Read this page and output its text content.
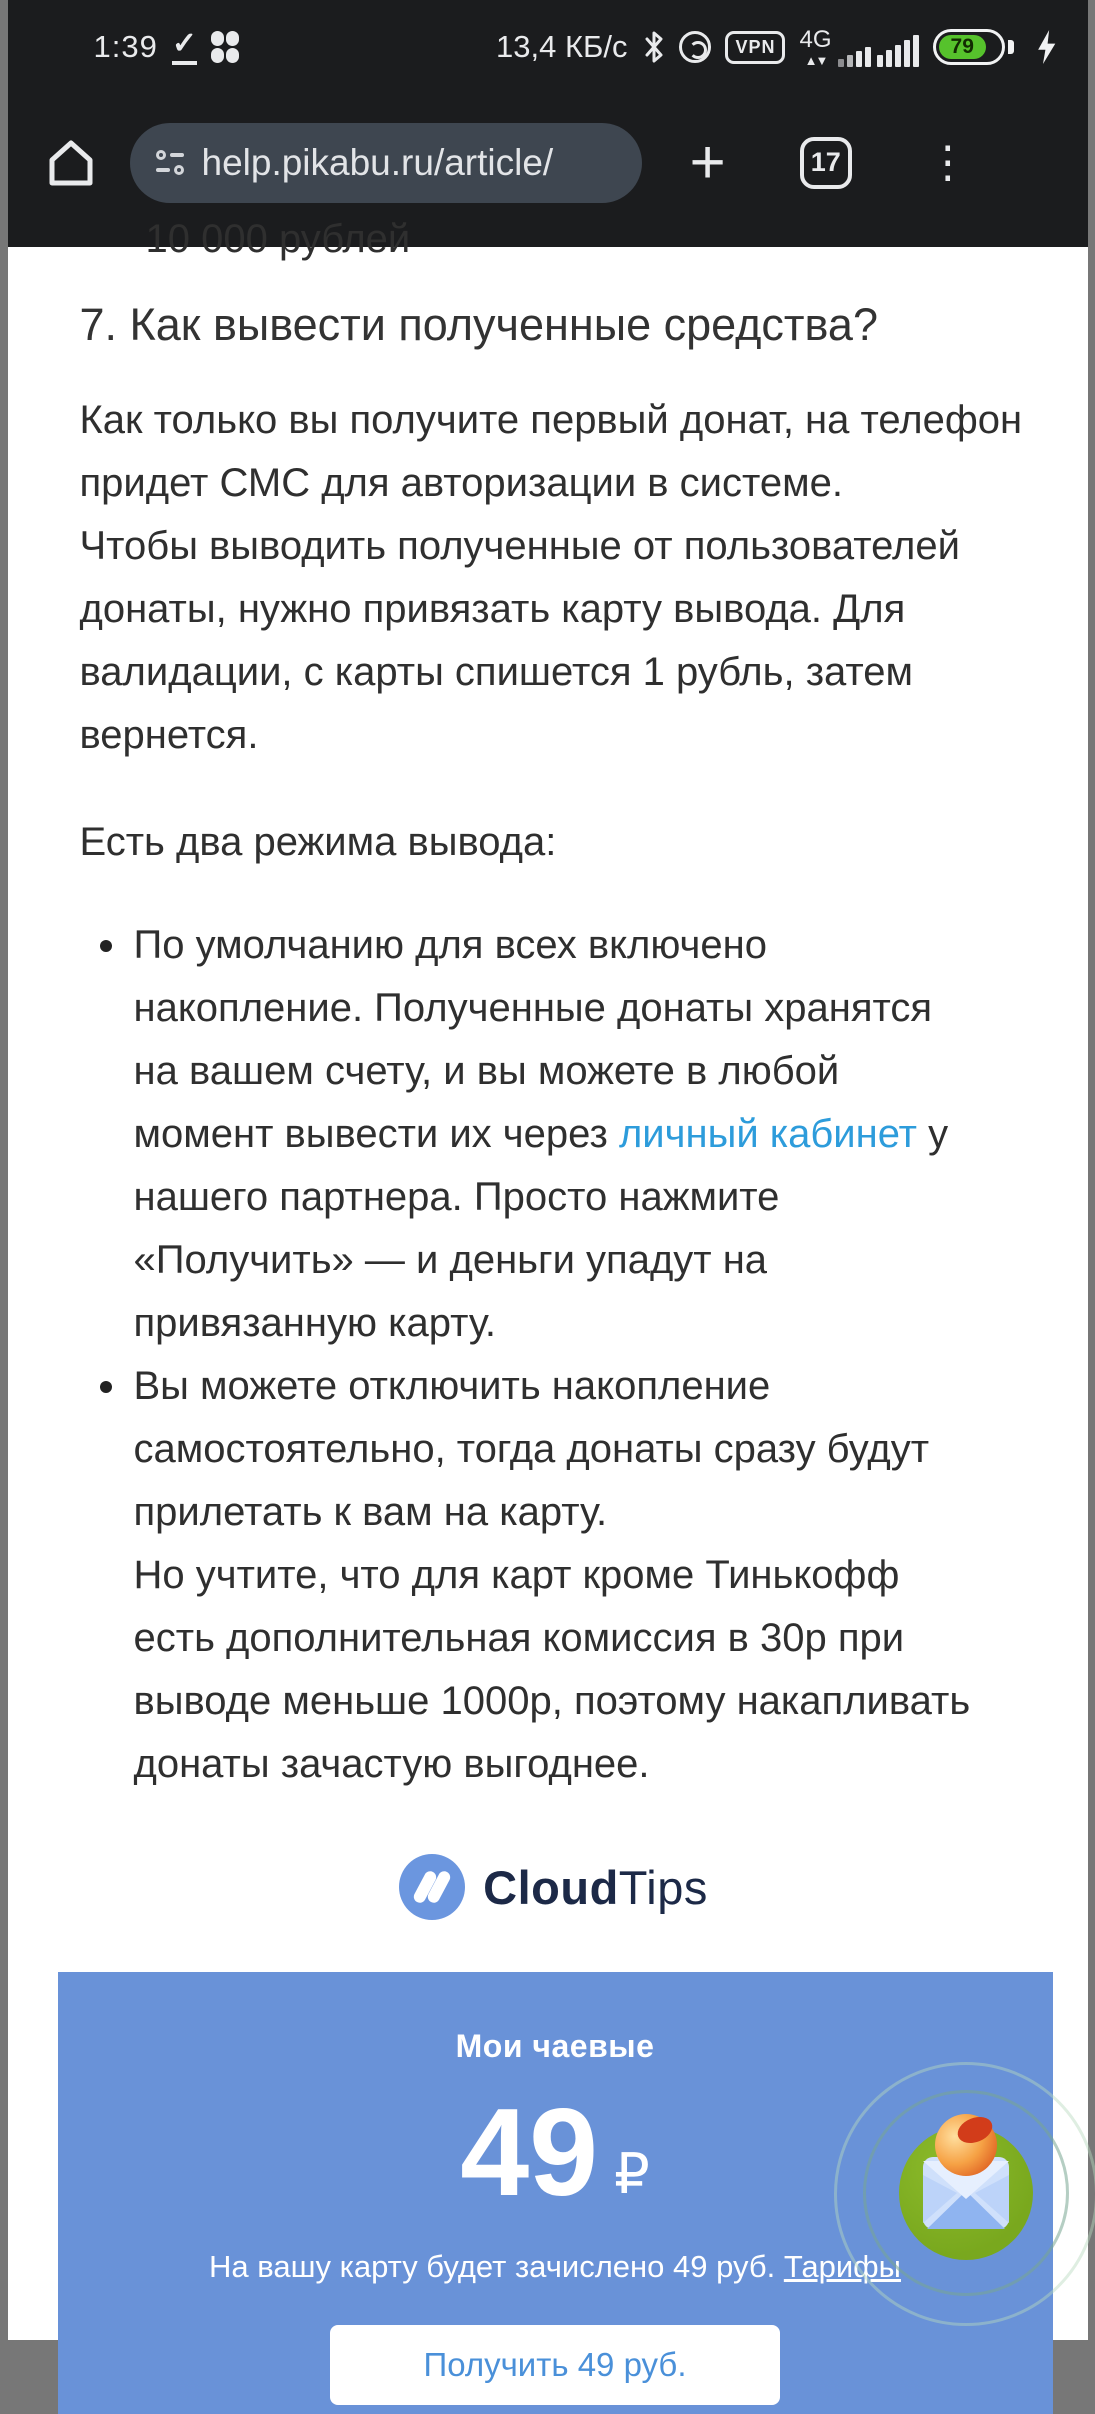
1:39 ✓	13,4 КБ/с	VPN	4G
▲▼
79
help.pikabu.ru/article/ +	17 ⋮
10 000 рублей
7. Как вывести полученные средства?

Как только вы получите первый донат, на телефон придет СМС для авторизации в системе.
Чтобы выводить полученные от пользователей донаты, нужно привязать карту вывода. Для валидации, с карты спишется 1 рубль, затем вернется.

Есть два режима вывода:

По умолчанию для всех включено накопление. Полученные донаты хранятся на вашем счету, и вы можете в любой момент вывести их через личный кабинет у нашего партнера. Просто нажмите «Получить» — и деньги упадут на привязанную карту.
Вы можете отключить накопление самостоятельно, тогда донаты сразу будут прилетать к вам на карту.
Но учтите, что для карт кроме Тинькофф есть дополнительная комиссия в 30р при выводе меньше 1000р, поэтому накапливать донаты зачастую выгоднее.
CloudTips
Мои чаевые
49 ₽
На вашу карту будет зачислено 49 руб. Тарифы
Получить 49 руб.
